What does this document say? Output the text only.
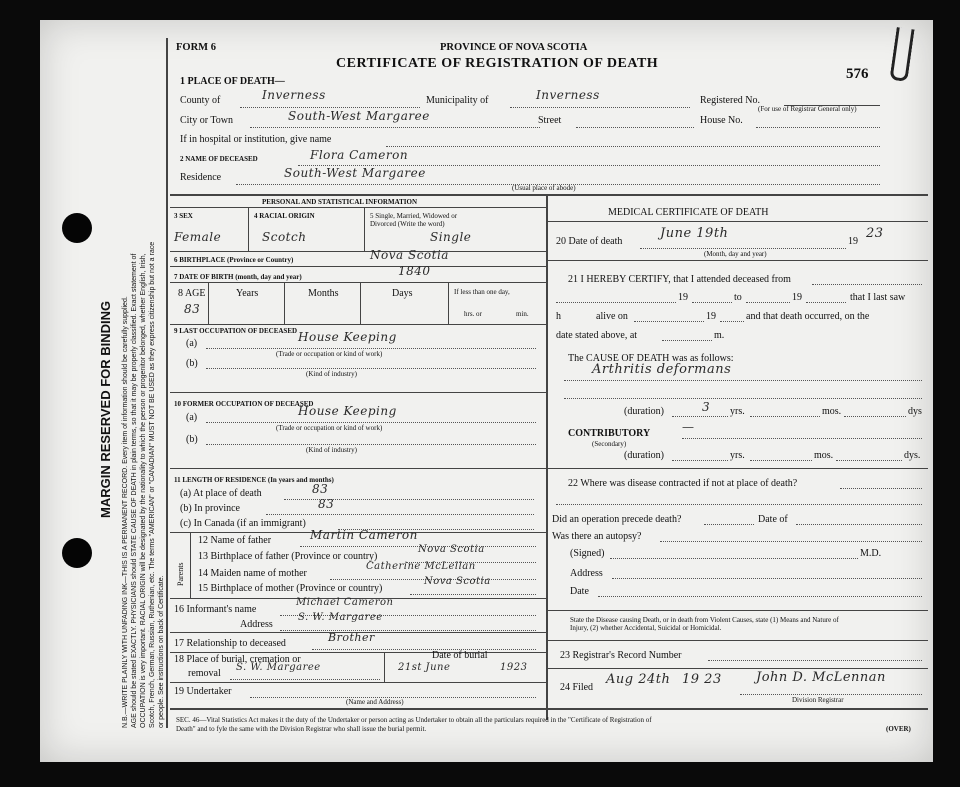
MARGIN RESERVED FOR BINDING N.B.—WRITE PLAINLY WITH UNFADING INK—THIS IS A PERMANENT RECORD. Every item of information should be carefully supplied. AGE should be stated EXACTLY. PHYSICIANS should STATE CAUSE OF DEATH in plain terms, so that it may be properly classified. Exact statement of OCCUPATION is very important. RACIAL ORIGIN will be designated by the nationality to which the person or progenitor belonged, whether English, Irish, Scotch, French, German, Russian, Ruthenian, etc. The terms "AMERICAN" or "CANADIAN" MUST NOT BE USED as they express citizenship but not a race or people. See instructions on back of Certificate.
FORM 6	PROVINCE OF NOVA SCOTIA
CERTIFICATE OF REGISTRATION OF DEATH
576
1 PLACE OF DEATH—
County of	Inverness	Municipality of	Inverness	Registered No.
(For use of Registrar General only)
City or Town	South-West Margaree	Street	House No.
If in hospital or institution, give name
2 NAME OF DECEASED	Flora Cameron
Residence	South-West Margaree
(Usual place of abode)
PERSONAL AND STATISTICAL INFORMATION
3 SEX	4 RACIAL ORIGIN	5 Single, Married, Widowed or
Divorced (Write the word)
Female	Scotch	Single
6 BIRTHPLACE (Province or Country)	Nova Scotia
7 DATE OF BIRTH (month, day and year)	1840
8 AGE
83
Years	Months	Days	If less than one day,
hrs. or	min.
9 LAST OCCUPATION OF DECEASED
(a)	House Keeping
(Trade or occupation or kind of work)
(b)
(Kind of industry)
10 FORMER OCCUPATION OF DECEASED
(a)	House Keeping
(Trade or occupation or kind of work)
(b)
(Kind of industry)
11 LENGTH OF RESIDENCE (In years and months)
(a) At place of death	83
(b) In province	83
(c) In Canada (if an immigrant)
Parents
12 Name of father	Martin Cameron
13 Birthplace of father (Province or country)
Nova Scotia
14 Maiden name of mother
Catherine McLellan
15 Birthplace of mother (Province or country)
Nova Scotia
16 Informant's name
Michael Cameron
Address
S. W. Margaree
17 Relationship to deceased	Brother
18 Place of burial, cremation or
removal
S. W. Margaree
Date of burial
21st June	1923
19 Undertaker
(Name and Address)
MEDICAL CERTIFICATE OF DEATH
20 Date of death
June 19th
19
23
(Month, day and year)
21 I HEREBY CERTIFY, that I attended deceased from
19	to	19	that I last saw
h	alive on	19	and that death occurred, on the
date stated above, at	m.
The CAUSE OF DEATH was as follows:
Arthritis deformans
(duration)	3 yrs.	mos.	dys
CONTRIBUTORY	—
(Secondary)
(duration)	yrs.	mos.	dys.
22 Where was disease contracted if not at place of death?
Did an operation precede death?	Date of
Was there an autopsy?
(Signed)	M.D.
Address
Date
State the Disease causing Death, or in death from Violent Causes, state (1) Means and Nature of
Injury, (2) whether Accidental, Suicidal or Homicidal.
23 Registrar's Record Number
24 Filed
Aug 24th 19 23	John D. McLennan
Division Registrar
SEC. 46—Vital Statistics Act makes it the duty of the Undertaker or person acting as Undertaker to obtain all the particulars required in the "Certificate of Registration of
Death" and to fyle the same with the Division Registrar who shall issue the burial permit.	(OVER)
